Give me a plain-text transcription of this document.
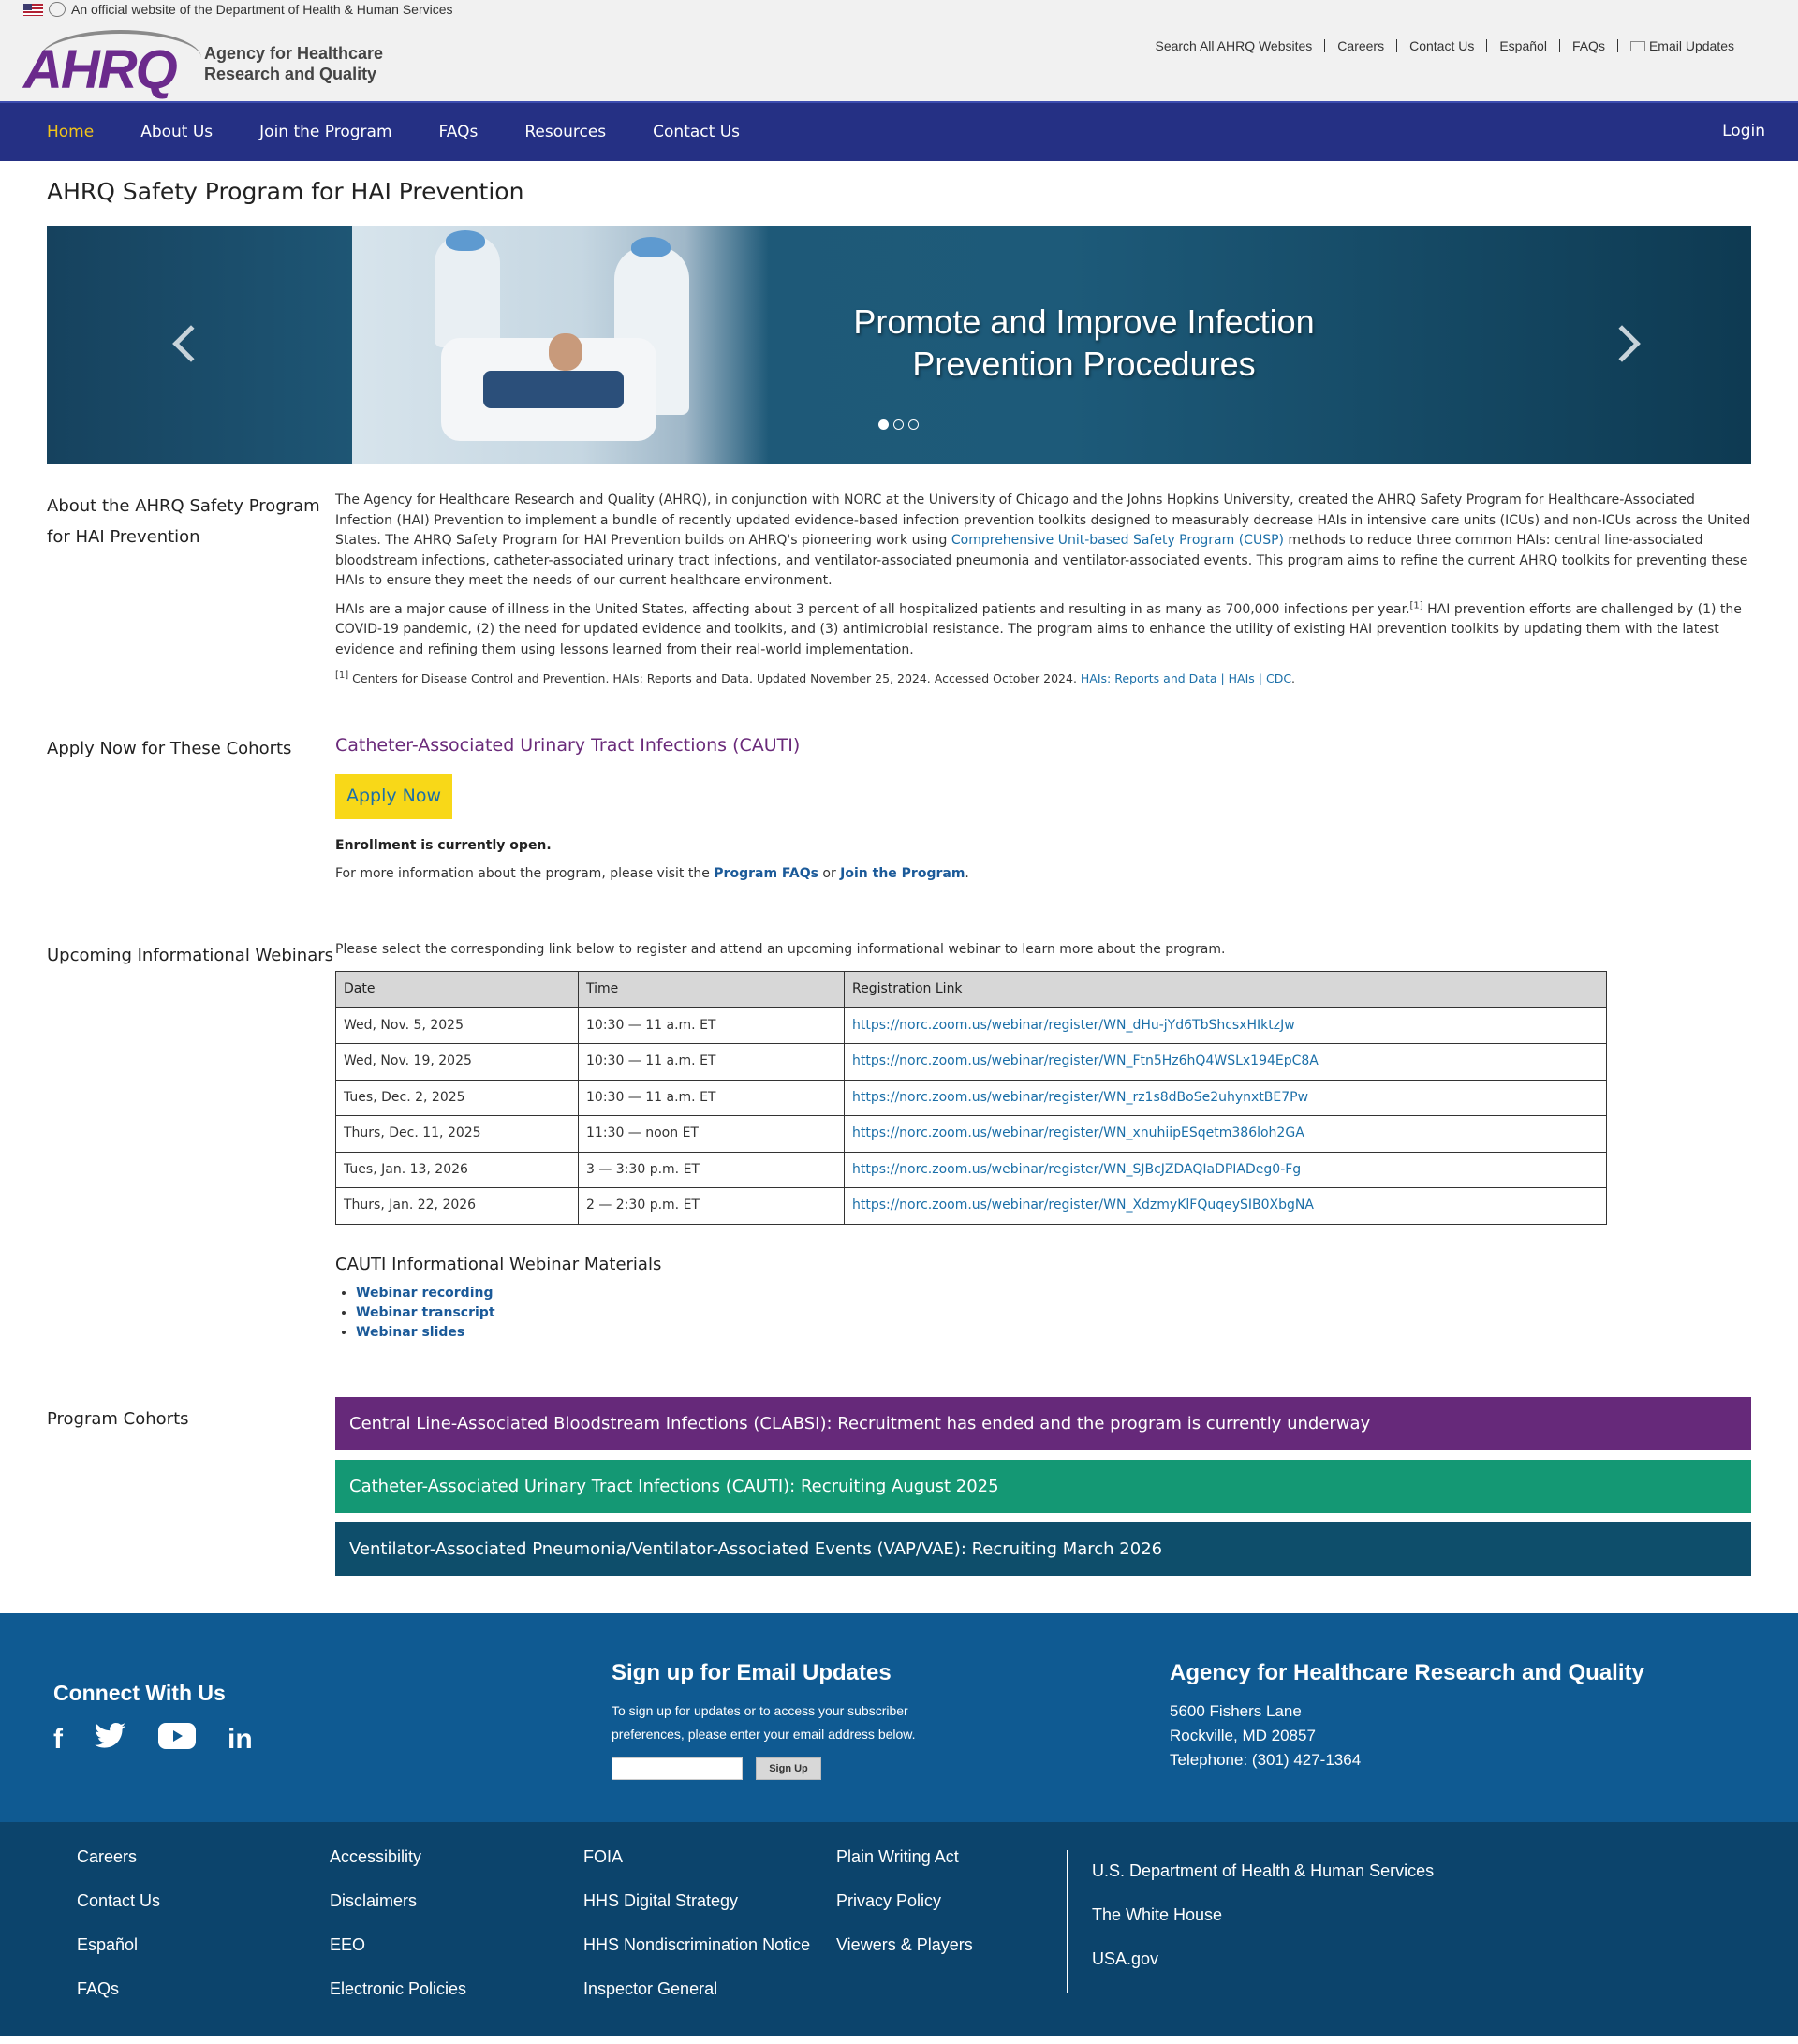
An official website of the Department of Health & Human Services
AHRQ Agency for Healthcare
Research and Quality
Search All AHRQ Websites	Careers	Contact Us	Español	FAQs	Email Updates
Home	About Us	Join the Program	FAQs	Resources	Contact Us	Login
AHRQ Safety Program for HAI Prevention
Promote and Improve Infection
Prevention Procedures
About the AHRQ Safety Program for HAI Prevention

The Agency for Healthcare Research and Quality (AHRQ), in conjunction with NORC at the University of Chicago and the Johns Hopkins University, created the AHRQ Safety Program for Healthcare-Associated Infection (HAI) Prevention to implement a bundle of recently updated evidence-based infection prevention toolkits designed to measurably decrease HAIs in intensive care units (ICUs) and non-ICUs across the United States. The AHRQ Safety Program for HAI Prevention builds on AHRQ's pioneering work using Comprehensive Unit-based Safety Program (CUSP) methods to reduce three common HAIs: central line-associated bloodstream infections, catheter-associated urinary tract infections, and ventilator-associated pneumonia and ventilator-associated events. This program aims to refine the current AHRQ toolkits for preventing these HAIs to ensure they meet the needs of our current healthcare environment.

HAIs are a major cause of illness in the United States, affecting about 3 percent of all hospitalized patients and resulting in as many as 700,000 infections per year.[1] HAI prevention efforts are challenged by (1) the COVID-19 pandemic, (2) the need for updated evidence and toolkits, and (3) antimicrobial resistance. The program aims to enhance the utility of existing HAI prevention toolkits by updating them with the latest evidence and refining them using lessons learned from their real-world implementation.

[1] Centers for Disease Control and Prevention. HAIs: Reports and Data. Updated November 25, 2024. Accessed October 2024. HAIs: Reports and Data | HAIs | CDC.

Apply Now for These Cohorts	Catheter-Associated Urinary Tract Infections (CAUTI)
Apply Now

Enrollment is currently open.

For more information about the program, please visit the Program FAQs or Join the Program.

Upcoming Informational Webinars Please select the corresponding link below to register and attend an upcoming informational webinar to learn more about the program.

Date	Time	Registration Link
Wed, Nov. 5, 2025	10:30 — 11 a.m. ET	https://norc.zoom.us/webinar/register/WN_dHu-jYd6TbShcsxHIktzJw
Wed, Nov. 19, 2025	10:30 — 11 a.m. ET	https://norc.zoom.us/webinar/register/WN_Ftn5Hz6hQ4WSLx194EpC8A
Tues, Dec. 2, 2025	10:30 — 11 a.m. ET	https://norc.zoom.us/webinar/register/WN_rz1s8dBoSe2uhynxtBE7Pw
Thurs, Dec. 11, 2025	11:30 — noon ET	https://norc.zoom.us/webinar/register/WN_xnuhiipESqetm386loh2GA
Tues, Jan. 13, 2026	3 — 3:30 p.m. ET	https://norc.zoom.us/webinar/register/WN_SJBcJZDAQIaDPIADeg0-Fg
Thurs, Jan. 22, 2026	2 — 2:30 p.m. ET	https://norc.zoom.us/webinar/register/WN_XdzmyKlFQuqeySIB0XbgNA
CAUTI Informational Webinar Materials
• Webinar recording
• Webinar transcript
• Webinar slides
Program Cohorts	Central Line-Associated Bloodstream Infections (CLABSI): Recruitment has ended and the program is currently underway
Catheter-Associated Urinary Tract Infections (CAUTI): Recruiting August 2025
Ventilator-Associated Pneumonia/Ventilator-Associated Events (VAP/VAE): Recruiting March 2026
Connect With Us
f	in
Sign up for Email Updates

To sign up for updates or to access your subscriber preferences, please enter your email address below.

Sign Up
Agency for Healthcare Research and Quality
5600 Fishers Lane
Rockville, MD 20857
Telephone: (301) 427-1364
Careers
Contact Us
Español
FAQs
Accessibility
Disclaimers
EEO
Electronic Policies
FOIA
HHS Digital Strategy
HHS Nondiscrimination Notice
Inspector General
Plain Writing Act
Privacy Policy
Viewers & Players
U.S. Department of Health & Human Services
The White House
USA.gov
